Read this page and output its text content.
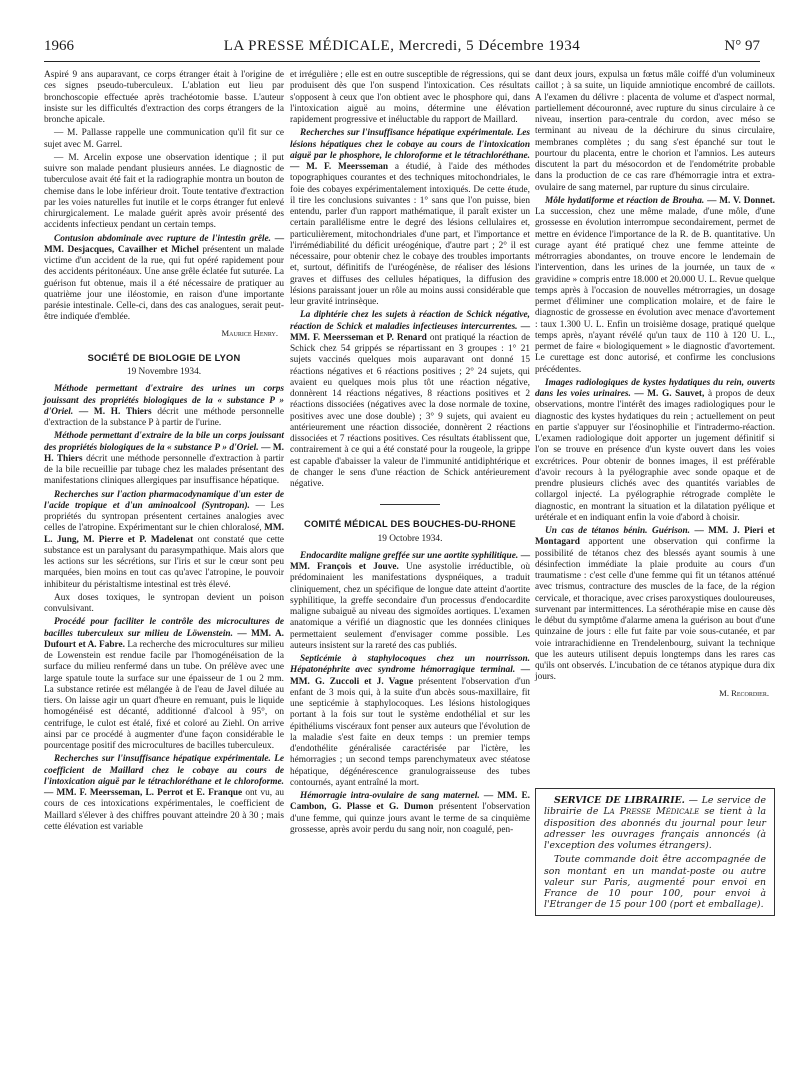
1966	LA PRESSE MÉDICALE, Mercredi, 5 Décembre 1934	N° 97

Aspiré 9 ans auparavant, ce corps étranger était à l'origine de ces signes pseudo-tuberculeux. L'ablation eut lieu par bronchoscopie effectuée après trachéotomie basse. L'auteur insiste sur les difficultés d'extraction des corps étrangers de la bronche apicale.

— M. Pallasse rappelle une communication qu'il fit sur ce sujet avec M. Garrel.

— M. Arcelin expose une observation identique ; il put suivre son malade pendant plusieurs années. Le diagnostic de tuberculose avait été fait et la radiographie montra un bouton de chemise dans le lobe inférieur droit. Toute tentative d'extraction par les voies naturelles fut inutile et le corps étranger fut enlevé chirurgicalement. Le malade guérit après avoir présenté des accidents infectieux pendant un certain temps.

Contusion abdominale avec rupture de l'intestin grêle. — MM. Desjacques, Cavailher et Michel présentent un malade victime d'un accident de la rue, qui fut opéré rapidement pour des accidents péritonéaux. Une anse grêle éclatée fut suturée. La guérison fut obtenue, mais il a été nécessaire de pratiquer au quatrième jour une iléostomie, en raison d'une importante parésie intestinale. Celle-ci, dans des cas analogues, serait peut-être indiquée d'emblée.

Maurice Henry.

SOCIÉTÉ DE BIOLOGIE DE LYON

19 Novembre 1934.

Méthode permettant d'extraire des urines un corps jouissant des propriétés biologiques de la « substance P » d'Oriel. — M. H. Thiers décrit une méthode personnelle d'extraction de la substance P à partir de l'urine.

Méthode permettant d'extraire de la bile un corps jouissant des propriétés biologiques de la « substance P » d'Oriel. — M. H. Thiers décrit une méthode personnelle d'extraction à partir de la bile recueillie par tubage chez les malades présentant des manifestations cliniques allergiques par insuffisance hépatique.

Recherches sur l'action pharmacodynamique d'un ester de l'acide tropique et d'un aminoalcool (Syntropan). — Les propriétés du syntropan présentent certaines analogies avec celles de l'atropine. Expérimentant sur le chien chloralosé, MM. L. Jung, M. Pierre et P. Madelenat ont constaté que cette substance est un paralysant du parasympathique. Mais alors que les actions sur les sécrétions, sur l'iris et sur le cœur sont peu marquées, bien moins en tout cas qu'avec l'atropine, le pouvoir inhibiteur du péristaltisme intestinal est très élevé.

Aux doses toxiques, le syntropan devient un poison convulsivant.

Procédé pour faciliter le contrôle des microcultures de bacilles tuberculeux sur milieu de Löwenstein. — MM. A. Dufourt et A. Fabre. La recherche des microcultures sur milieu de Lowenstein est rendue facile par l'homogénéisation de la surface du milieu renfermé dans un tube. On prélève avec une large spatule toute la surface sur une épaisseur de 1 ou 2 mm. La substance retirée est mélangée à de l'eau de Javel diluée au tiers. On laisse agir un quart d'heure en remuant, puis le liquide homogénéisé est décanté, additionné d'alcool à 95°, on centrifuge, le culot est étalé, fixé et coloré au Ziehl. On arrive ainsi par ce procédé à augmenter d'une façon considérable le pourcentage positif des microcultures de bacilles tuberculeux.

Recherches sur l'insuffisance hépatique expérimentale. Le coefficient de Maillard chez le cobaye au cours de l'intoxication aiguë par le tétrachloréthane et le chloroforme. — MM. F. Meersseman, L. Perrot et E. Franque ont vu, au cours de ces intoxications expérimentales, le coefficient de Maillard s'élever à des chiffres pouvant atteindre 20 à 30 ; mais cette élévation est variable

et irrégulière ; elle est en outre susceptible de régressions, qui se produisent dès que l'on suspend l'intoxication. Ces résultats s'opposent à ceux que l'on obtient avec le phosphore qui, dans l'intoxication aiguë au moins, détermine une élévation rapidement progressive et inéluctable du rapport de Maillard.

Recherches sur l'insuffisance hépatique expérimentale. Les lésions hépatiques chez le cobaye au cours de l'intoxication aiguë par le phosphore, le chloroforme et le tétrachloréthane. — M. F. Meersseman a étudié, à l'aide des méthodes topographiques courantes et des techniques mitochondriales, le foie des cobayes expérimentalement intoxiqués. De cette étude, il tire les conclusions suivantes : 1° sans que l'on puisse, bien entendu, parler d'un rapport mathématique, il paraît exister un certain parallélisme entre le degré des lésions cellulaires et, particulièrement, mitochondriales d'une part, et l'importance et l'irrémédiabilité du déficit uréogénique, d'autre part ; 2° il est nécessaire, pour obtenir chez le cobaye des troubles importants et, surtout, définitifs de l'uréogénèse, de réaliser des lésions graves et diffuses des cellules hépatiques, la diffusion des lésions paraissant jouer un rôle au moins aussi considérable que leur gravité intrinsèque.

La diphtérie chez les sujets à réaction de Schick négative, réaction de Schick et maladies infectieuses intercurrentes. — MM. F. Meersseman et P. Renard ont pratiqué la réaction de Schick chez 54 grippés se répartissant en 3 groupes : 1° 21 sujets vaccinés quelques mois auparavant ont donné 15 réactions négatives et 6 réactions positives ; 2° 24 sujets, qui avaient eu quelques mois plus tôt une réaction négative, donnèrent 14 réactions négatives, 8 réactions positives et 2 réactions dissociées (négatives avec la dose normale de toxine, positives avec une dose double) ; 3° 9 sujets, qui avaient eu antérieurement une réaction dissociée, donnèrent 2 réactions dissociées et 7 réactions positives. Ces résultats établissent que, contrairement à ce qui a été constaté pour la rougeole, la grippe est capable d'abaisser la valeur de l'immunité antidiphtérique et de changer le sens d'une réaction de Schick antérieurement négative.

COMITÉ MÉDICAL DES BOUCHES-DU-RHONE

19 Octobre 1934.

Endocardite maligne greffée sur une aortite syphilitique. — MM. François et Jouve. Une asystolie irréductible, où prédominaient les manifestations dyspnéiques, a traduit cliniquement, chez un spécifique de longue date atteint d'aortite syphilitique, la greffe secondaire d'un processus d'endocardite maligne subaiguë au niveau des sigmoïdes aortiques. L'examen anatomique a vérifié un diagnostic que les données cliniques permettaient seulement d'envisager comme possible. Les auteurs insistent sur la rareté des cas publiés.

Septicémie à staphylocoques chez un nourrisson. Hépatonéphrite avec syndrome hémorragique terminal. — MM. G. Zuccoli et J. Vague présentent l'observation d'un enfant de 3 mois qui, à la suite d'un abcès sous-maxillaire, fit une septicémie à staphylocoques. Les lésions histologiques portant à la fois sur tout le système endothélial et sur les épithéliums viscéraux font penser aux auteurs que l'évolution de la maladie s'est faite en deux temps : un premier temps d'endothélite généralisée caractérisée par l'ictère, les hémorragies ; un second temps parenchymateux avec stéatose hépatique, dégénérescence granulograisseuse des tubes contournés, ayant entraîné la mort.

Hémorragie intra-ovulaire de sang maternel. — MM. E. Cambon, G. Plasse et G. Dumon présentent l'observation d'une femme, qui quinze jours avant le terme de sa cinquième grossesse, après avoir perdu du sang noir, non coagulé, pen-

dant deux jours, expulsa un fœtus mâle coiffé d'un volumineux caillot ; à sa suite, un liquide amniotique encombré de caillots. A l'examen du délivre : placenta de volume et d'aspect normal, partiellement découronné, avec rupture du sinus circulaire à ce niveau, insertion para-centrale du cordon, avec méso se terminant au niveau de la déchirure du sinus circulaire, membranes complètes ; du sang s'est épanché sur tout le pourtour du placenta, entre le chorion et l'amnios. Les auteurs discutent la part du mésocordon et de l'endométrite probable dans la production de ce cas rare d'hémorragie intra et extra-ovulaire de sang maternel, par rupture du sinus circulaire.

Môle hydatiforme et réaction de Brouha. — M. V. Donnet. La succession, chez une même malade, d'une môle, d'une grossesse en évolution interrompue secondairement, permet de mettre en évidence l'importance de la R. de B. quantitative. Un curage ayant été pratiqué chez une femme atteinte de métrorragies abondantes, on trouve encore le lendemain de l'intervention, dans les urines de la journée, un taux de « gravidine » compris entre 18.000 et 20.000 U. L. Revue quelque temps après à l'occasion de nouvelles métrorragies, un dosage permet d'éliminer une complication molaire, et de faire le diagnostic de grossesse en évolution avec menace d'avortement : taux 1.300 U. L. Enfin un troisième dosage, pratiqué quelque temps après, n'ayant révélé qu'un taux de 110 à 120 U. L., permet de faire « biologiquement » le diagnostic d'avortement. Le curettage est donc autorisé, et confirme les conclusions précédentes.

Images radiologiques de kystes hydatiques du rein, ouverts dans les voies urinaires. — M. G. Sauvet, à propos de deux observations, montre l'intérêt des images radiologiques pour le diagnostic des kystes hydatiques du rein ; actuellement on peut en partie s'appuyer sur l'éosinophilie et l'intradermo-réaction. L'examen radiologique doit apporter un jugement définitif si l'on se trouve en présence d'un kyste ouvert dans les voies excrétrices. Pour obtenir de bonnes images, il est préférable d'avoir recours à la pyélographie avec sonde opaque et de prendre plusieurs clichés avec des quantités variables de collargol injecté. La pyélographie rétrograde complète le diagnostic, en montrant la situation et la dilatation pyélique et urétérale et en indiquant enfin la voie d'abord à choisir.

Un cas de tétanos bénin. Guérison. — MM. J. Pieri et Montagard apportent une observation qui confirme la possibilité de tétanos chez des blessés ayant soumis à une désinfection immédiate la plaie produite au cours d'un traumatisme : c'est celle d'une femme qui fit un tétanos atténué avec trismus, contracture des muscles de la face, de la région cervicale, et thoracique, avec crises paroxystiques douloureuses, survenant par intermittences. La sérothérapie mise en cause dès le début du symptôme d'alarme amena la guérison au bout d'une quinzaine de jours : elle fut faite par voie sous-cutanée, et par voie intrarachidienne en Trendelenbourg, suivant la technique que les auteurs utilisent depuis longtemps dans les rares cas qu'ils ont observés. L'incubation de ce tétanos atypique dura dix jours.

M. Recordier.

SERVICE DE LIBRAIRIE. — Le service de librairie de La Presse Médicale se tient à la disposition des abonnés du journal pour leur adresser les ouvrages français annoncés (à l'exception des volumes étrangers).

Toute commande doit être accompagnée de son montant en un mandat-poste ou autre valeur sur Paris, augmenté pour envoi en France de 10 pour 100, pour envoi à l'Etranger de 15 pour 100 (port et emballage).
